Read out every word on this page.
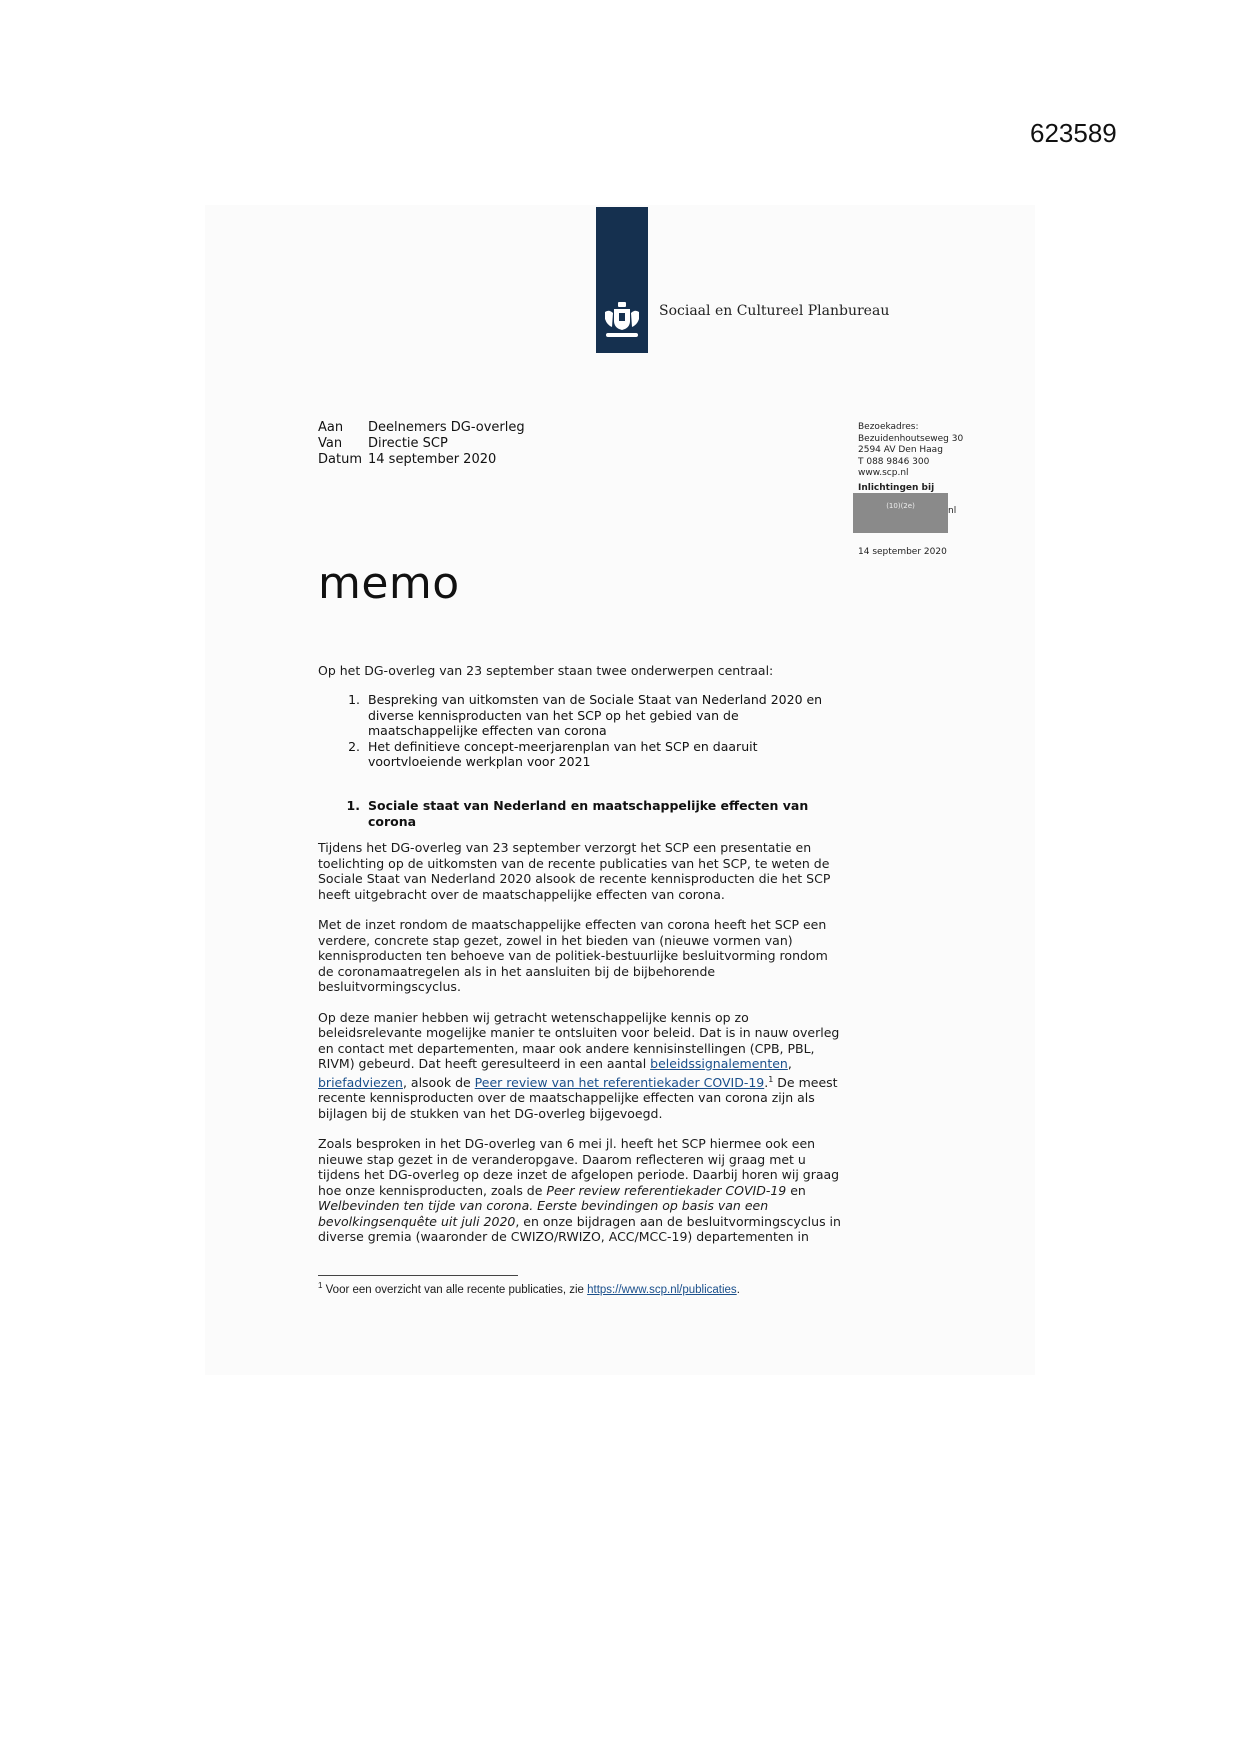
623589
Sociaal en Cultureel Planbureau
Aan	Deelnemers DG-overleg
Van	Directie SCP
Datum 14 september 2020
Bezoekadres:
Bezuidenhoutseweg 30
2594 AV Den Haag
T 088 9846 300
www.scp.nl
Inlichtingen bij
(10)(2e)	nl
14 september 2020
memo

Op het DG-overleg van 23 september staan twee onderwerpen centraal:

1. Bespreking van uitkomsten van de Sociale Staat van Nederland 2020 en diverse kennisproducten van het SCP op het gebied van de maatschappelijke effecten van corona
2. Het definitieve concept-meerjarenplan van het SCP en daaruit voortvloeiende werkplan voor 2021
1. Sociale staat van Nederland en maatschappelijke effecten van corona

Tijdens het DG-overleg van 23 september verzorgt het SCP een presentatie en toelichting op de uitkomsten van de recente publicaties van het SCP, te weten de Sociale Staat van Nederland 2020 alsook de recente kennisproducten die het SCP heeft uitgebracht over de maatschappelijke effecten van corona.

Met de inzet rondom de maatschappelijke effecten van corona heeft het SCP een verdere, concrete stap gezet, zowel in het bieden van (nieuwe vormen van) kennisproducten ten behoeve van de politiek-bestuurlijke besluitvorming rondom de coronamaatregelen als in het aansluiten bij de bijbehorende besluitvormingscyclus.

Op deze manier hebben wij getracht wetenschappelijke kennis op zo beleidsrelevante mogelijke manier te ontsluiten voor beleid. Dat is in nauw overleg en contact met departementen, maar ook andere kennisinstellingen (CPB, PBL, RIVM) gebeurd. Dat heeft geresulteerd in een aantal beleidssignalementen, briefadviezen, alsook de Peer review van het referentiekader COVID-19.$^1$ De meest recente kennisproducten over de maatschappelijke effecten van corona zijn als bijlagen bij de stukken van het DG-overleg bijgevoegd.

Zoals besproken in het DG-overleg van 6 mei jl. heeft het SCP hiermee ook een nieuwe stap gezet in de veranderopgave. Daarom reflecteren wij graag met u tijdens het DG-overleg op deze inzet de afgelopen periode. Daarbij horen wij graag hoe onze kennisproducten, zoals de Peer review referentiekader COVID-19 en Welbevinden ten tijde van corona. Eerste bevindingen op basis van een bevolkingsenquête uit juli 2020, en onze bijdragen aan de besluitvormingscyclus in diverse gremia (waaronder de CWIZO/RWIZO, ACC/MCC-19) departementen in

$^1$ Voor een overzicht van alle recente publicaties, zie https://www.scp.nl/publicaties.
